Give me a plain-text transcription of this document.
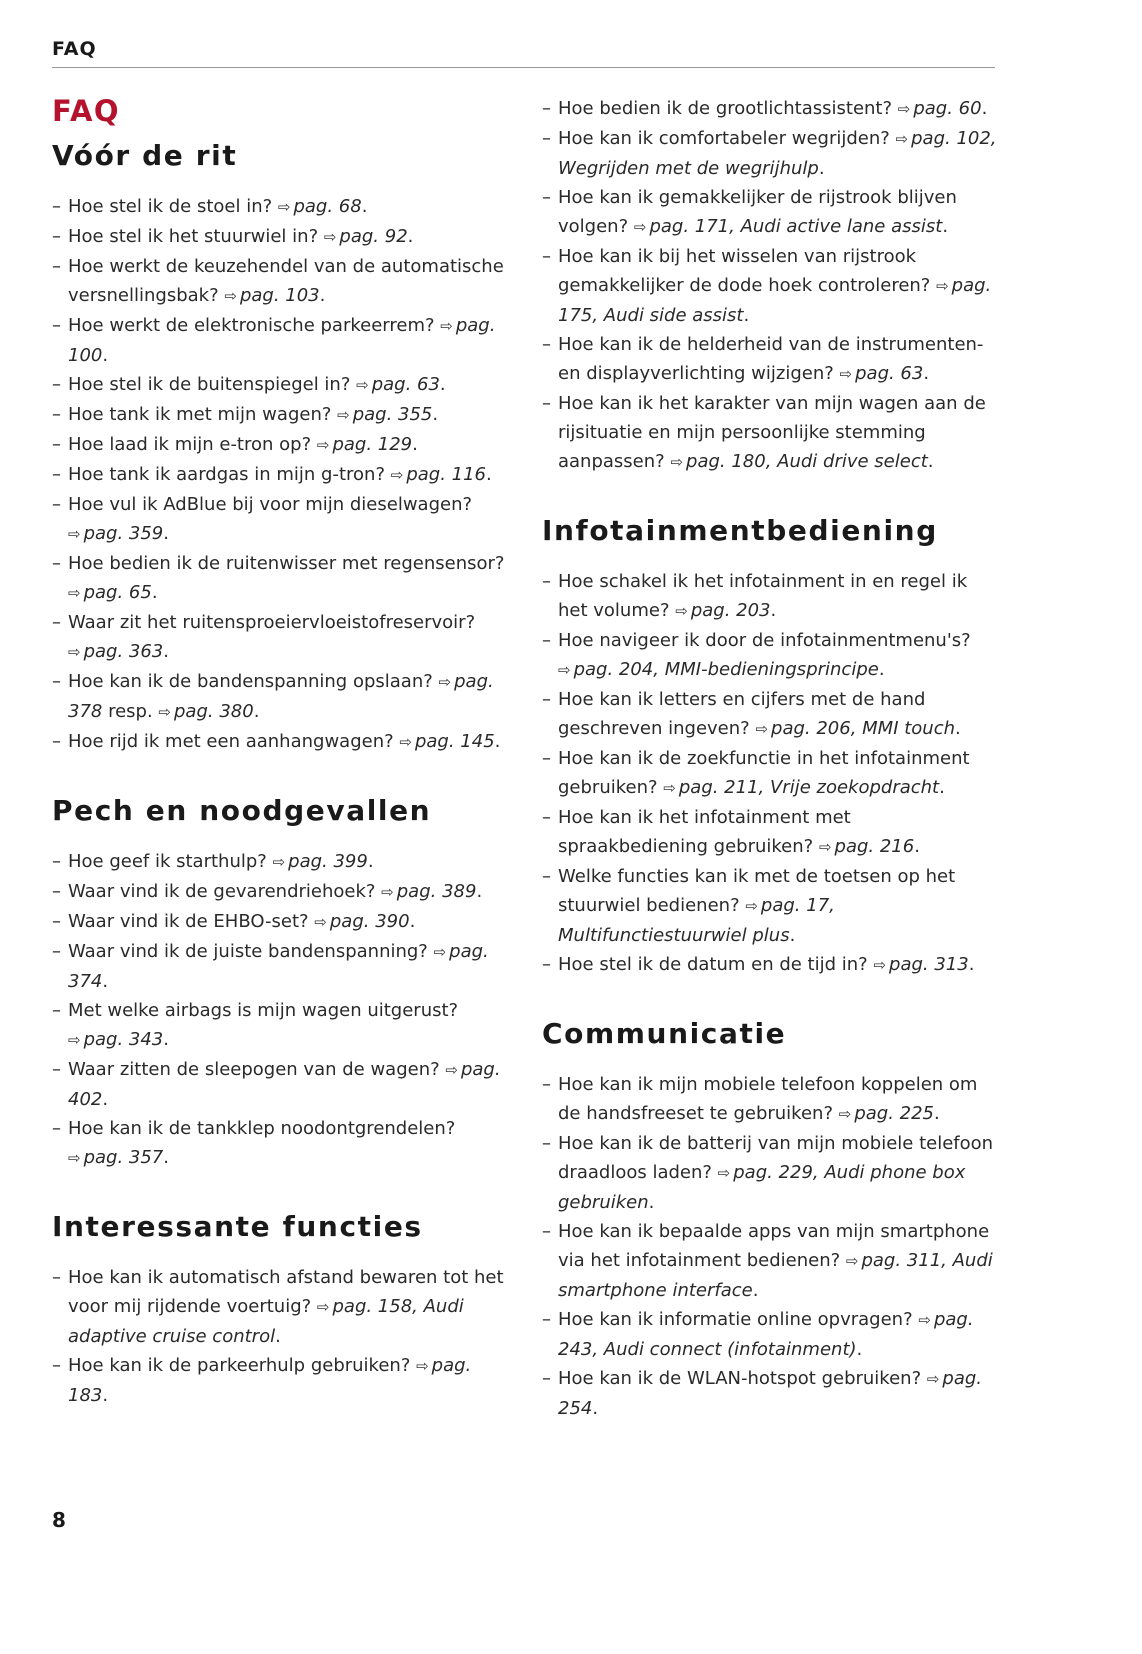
FAQ
FAQ
Vóór de rit
– Hoe stel ik de stoel in? ⇨ pag. 68.
– Hoe stel ik het stuurwiel in? ⇨ pag. 92.
– Hoe werkt de keuzehendel van de automatische versnellingsbak? ⇨ pag. 103.
– Hoe werkt de elektronische parkeerrem? ⇨ pag. 100.
– Hoe stel ik de buitenspiegel in? ⇨ pag. 63.
– Hoe tank ik met mijn wagen? ⇨ pag. 355.
– Hoe laad ik mijn e-tron op? ⇨ pag. 129.
– Hoe tank ik aardgas in mijn g-tron? ⇨ pag. 116.
– Hoe vul ik AdBlue bij voor mijn dieselwagen? ⇨ pag. 359.
– Hoe bedien ik de ruitenwisser met regensensor? ⇨ pag. 65.
– Waar zit het ruitensproeiervloeistofreservoir? ⇨ pag. 363.
– Hoe kan ik de bandenspanning opslaan? ⇨ pag. 378 resp. ⇨ pag. 380.
– Hoe rijd ik met een aanhangwagen? ⇨ pag. 145.
Pech en noodgevallen
– Hoe geef ik starthulp? ⇨ pag. 399.
– Waar vind ik de gevarendriehoek? ⇨ pag. 389.
– Waar vind ik de EHBO-set? ⇨ pag. 390.
– Waar vind ik de juiste bandenspanning? ⇨ pag. 374.
– Met welke airbags is mijn wagen uitgerust? ⇨ pag. 343.
– Waar zitten de sleepogen van de wagen? ⇨ pag. 402.
– Hoe kan ik de tankklep noodontgrendelen? ⇨ pag. 357.
Interessante functies
– Hoe kan ik automatisch afstand bewaren tot het voor mij rijdende voertuig? ⇨ pag. 158, Audi adaptive cruise control.
– Hoe kan ik de parkeerhulp gebruiken? ⇨ pag. 183.
– Hoe bedien ik de grootlichtassistent? ⇨ pag. 60.
– Hoe kan ik comfortabeler wegrijden? ⇨ pag. 102, Wegrijden met de wegrijhulp.
– Hoe kan ik gemakkelijker de rijstrook blijven volgen? ⇨ pag. 171, Audi active lane assist.
– Hoe kan ik bij het wisselen van rijstrook gemakkelijker de dode hoek controleren? ⇨ pag. 175, Audi side assist.
– Hoe kan ik de helderheid van de instrumenten- en displayverlichting wijzigen? ⇨ pag. 63.
– Hoe kan ik het karakter van mijn wagen aan de rijsituatie en mijn persoonlijke stemming aanpassen? ⇨ pag. 180, Audi drive select.
Infotainmentbediening
– Hoe schakel ik het infotainment in en regel ik het volume? ⇨ pag. 203.
– Hoe navigeer ik door de infotainmentmenu's? ⇨ pag. 204, MMI-bedieningsprincipe.
– Hoe kan ik letters en cijfers met de hand geschreven ingeven? ⇨ pag. 206, MMI touch.
– Hoe kan ik de zoekfunctie in het infotainment gebruiken? ⇨ pag. 211, Vrije zoekopdracht.
– Hoe kan ik het infotainment met spraakbediening gebruiken? ⇨ pag. 216.
– Welke functies kan ik met de toetsen op het stuurwiel bedienen? ⇨ pag. 17, Multifunctiestuurwiel plus.
– Hoe stel ik de datum en de tijd in? ⇨ pag. 313.
Communicatie
– Hoe kan ik mijn mobiele telefoon koppelen om de handsfreeset te gebruiken? ⇨ pag. 225.
– Hoe kan ik de batterij van mijn mobiele telefoon draadloos laden? ⇨ pag. 229, Audi phone box gebruiken.
– Hoe kan ik bepaalde apps van mijn smartphone via het infotainment bedienen? ⇨ pag. 311, Audi smartphone interface.
– Hoe kan ik informatie online opvragen? ⇨ pag. 243, Audi connect (infotainment).
– Hoe kan ik de WLAN-hotspot gebruiken? ⇨ pag. 254.
8
